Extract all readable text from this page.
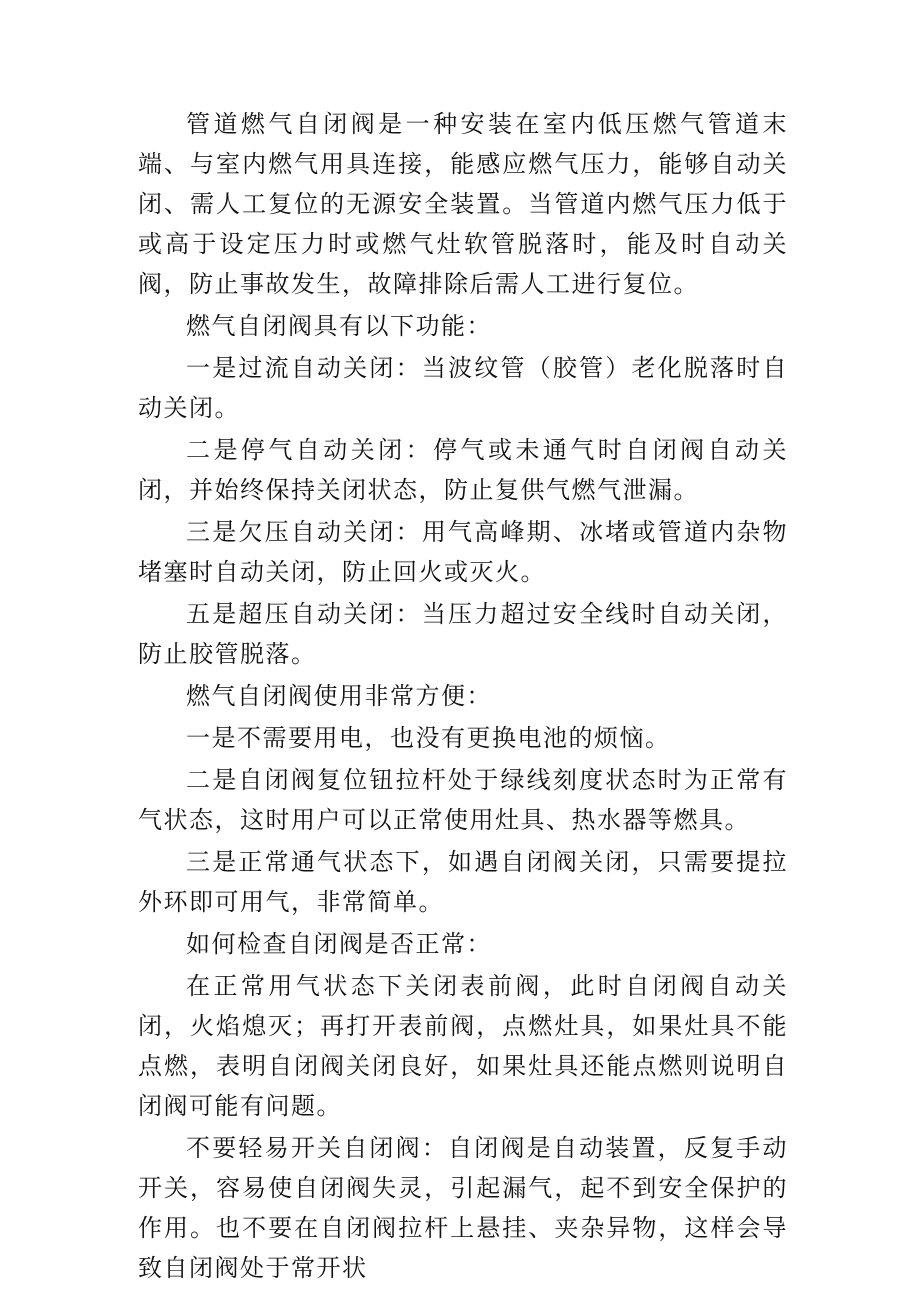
管道燃气自闭阀是一种安装在室内低压燃气管道末端、与室内燃气用具连接，能感应燃气压力，能够自动关闭、需人工复位的无源安全装置。当管道内燃气压力低于或高于设定压力时或燃气灶软管脱落时，能及时自动关阀，防止事故发生，故障排除后需人工进行复位。

燃气自闭阀具有以下功能：

一是过流自动关闭：当波纹管（胶管）老化脱落时自动关闭。

二是停气自动关闭：停气或未通气时自闭阀自动关闭，并始终保持关闭状态，防止复供气燃气泄漏。

三是欠压自动关闭：用气高峰期、冰堵或管道内杂物堵塞时自动关闭，防止回火或灭火。

五是超压自动关闭：当压力超过安全线时自动关闭，防止胶管脱落。

燃气自闭阀使用非常方便：

一是不需要用电，也没有更换电池的烦恼。

二是自闭阀复位钮拉杆处于绿线刻度状态时为正常有气状态，这时用户可以正常使用灶具、热水器等燃具。

三是正常通气状态下，如遇自闭阀关闭，只需要提拉外环即可用气，非常简单。

如何检查自闭阀是否正常：

在正常用气状态下关闭表前阀，此时自闭阀自动关闭，火焰熄灭；再打开表前阀，点燃灶具，如果灶具不能点燃，表明自闭阀关闭良好，如果灶具还能点燃则说明自闭阀可能有问题。

不要轻易开关自闭阀：自闭阀是自动装置，反复手动开关，容易使自闭阀失灵，引起漏气，起不到安全保护的作用。也不要在自闭阀拉杆上悬挂、夹杂异物，这样会导致自闭阀处于常开状
